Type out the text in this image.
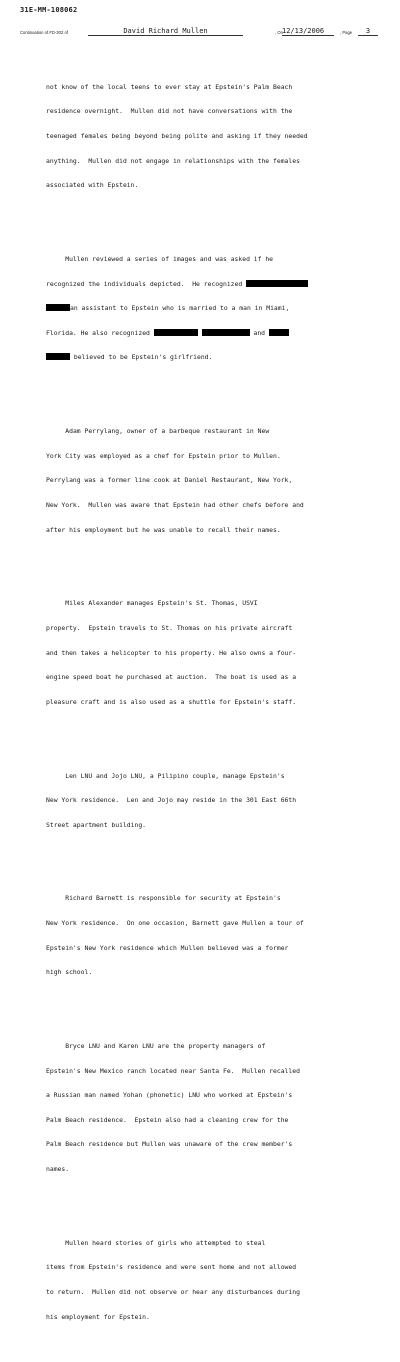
31E-MM-108062
Continuation of FD-302 of	David Richard Mullen	, On 12/13/2006	, Page	3

not know of the local teens to ever stay at Epstein's Palm Beach

residence overnight.  Mullen did not have conversations with the

teenaged females being beyond being polite and asking if they needed

anything.  Mullen did not engage in relationships with the females

associated with Epstein.

Mullen reviewed a series of images and was asked if he

recognized the individuals depicted.  He recognized

an assistant to Epstein who is married to a man in Miami,

Florida. He also recognized	and

believed to be Epstein's girlfriend.

Adam Perrylang, owner of a barbeque restaurant in New

York City was employed as a chef for Epstein prior to Mullen.

Perrylang was a former line cook at Daniel Restaurant, New York,

New York.  Mullen was aware that Epstein had other chefs before and

after his employment but he was unable to recall their names.

Miles Alexander manages Epstein's St. Thomas, USVI

property.  Epstein travels to St. Thomas on his private aircraft

and then takes a helicopter to his property. He also owns a four-

engine speed boat he purchased at auction.  The boat is used as a

pleasure craft and is also used as a shuttle for Epstein's staff.

Len LNU and Jojo LNU, a Pilipino couple, manage Epstein's

New York residence.  Len and Jojo may reside in the 301 East 66th

Street apartment building.

Richard Barnett is responsible for security at Epstein's

New York residence.  On one occasion, Barnett gave Mullen a tour of

Epstein's New York residence which Mullen believed was a former

high school.

Bryce LNU and Karen LNU are the property managers of

Epstein's New Mexico ranch located near Santa Fe.  Mullen recalled

a Russian man named Yohan (phonetic) LNU who worked at Epstein's

Palm Beach residence.  Epstein also had a cleaning crew for the

Palm Beach residence but Mullen was unaware of the crew member's

names.

Mullen heard stories of girls who attempted to steal

items from Epstein's residence and were sent home and not allowed

to return.  Mullen did not observe or hear any disturbances during

his employment for Epstein.
